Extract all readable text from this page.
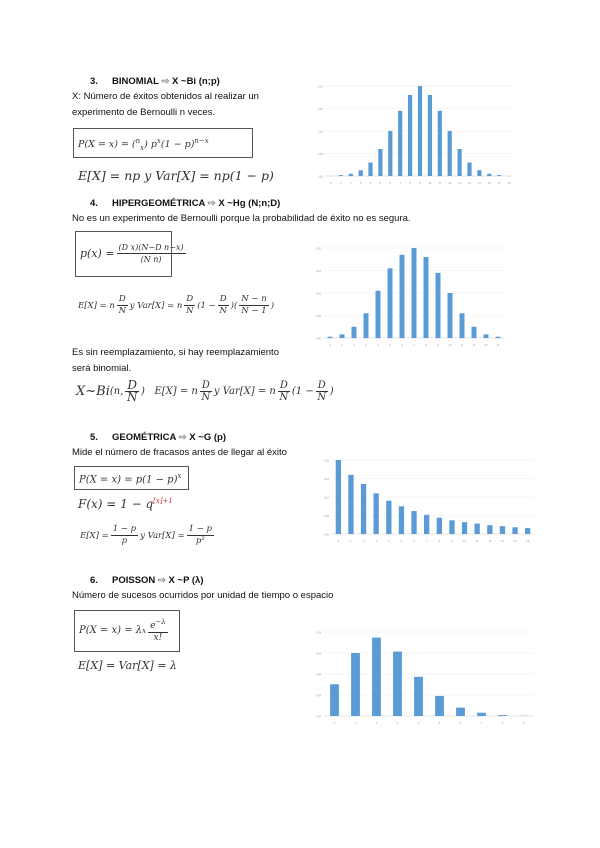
3. BINOMIAL ⇨ X ~Bi (n;p)
X: Número de éxitos obtenidos al realizar un
experimento de Bernoulli n veces.
P(X = x) = ($^n_x$) $p^x(1 - p)^{n-x}$
E[X] = np y Var[X] = np(1 − p)	0.00
0.05
0.10
0.15
0.20
0	1	2	3	4	5	6	7	8	9	10	11	12	13	14	15	16	17	18
4. HIPERGEOMÉTRICA ⇨ X ~Hg (N;n;D)
No es un experimento de Bernoulli porque la probabilidad de éxito no es segura.
$p(x) = \frac{\text{(D x)(N−D n−x)}}{\text{(N n)}}$
E[X] = n $\frac{D}{N}$ y Var[X] = n $\frac{D}{N} (1 - \frac{D}{N}$ )( $\frac{N - n}{N - 1}$ )
Es sin reemplazamiento, si hay reemplazamiento
será binomial.
X~Bi (n, $\frac{D}{N}$ )   E[X] = n $\frac{D}{N}$ y Var[X] = n $\frac{D}{N} (1 - \frac{D}{N}$ )
0.00
0.05
0.10
0.15
0.20
0	1	2	3	4	5	6	7	8	9	10	11	12	13	14
5. GEOMÉTRICA ⇨ X ~G (p)
Mide el número de fracasos antes de llegar al éxito
$P(X = x) = p(1 - p)^x$
$F(x) = 1 - q^{[x]+1}$
$E[X] = \frac{1 - p}{p}$ y $Var[X] = \frac{1 - p}{\text{p²}}$	0.00
0.05
0.10
0.15
0.20
0	1	2	3	4	5	6	7	8	9	10	11	12	13	14	15
6. POISSON ⇨ X ~P (λ)
Número de sucesos ocurridos por unidad de tiempo o espacio
P(X = x) = λ x $\frac{e^{-\lambda}}{x!}$
E[X] = Var[X] = λ
0.00
0.04
0.09
0.14
0.18
0	1	2	3	4	5	6	7	8	9
